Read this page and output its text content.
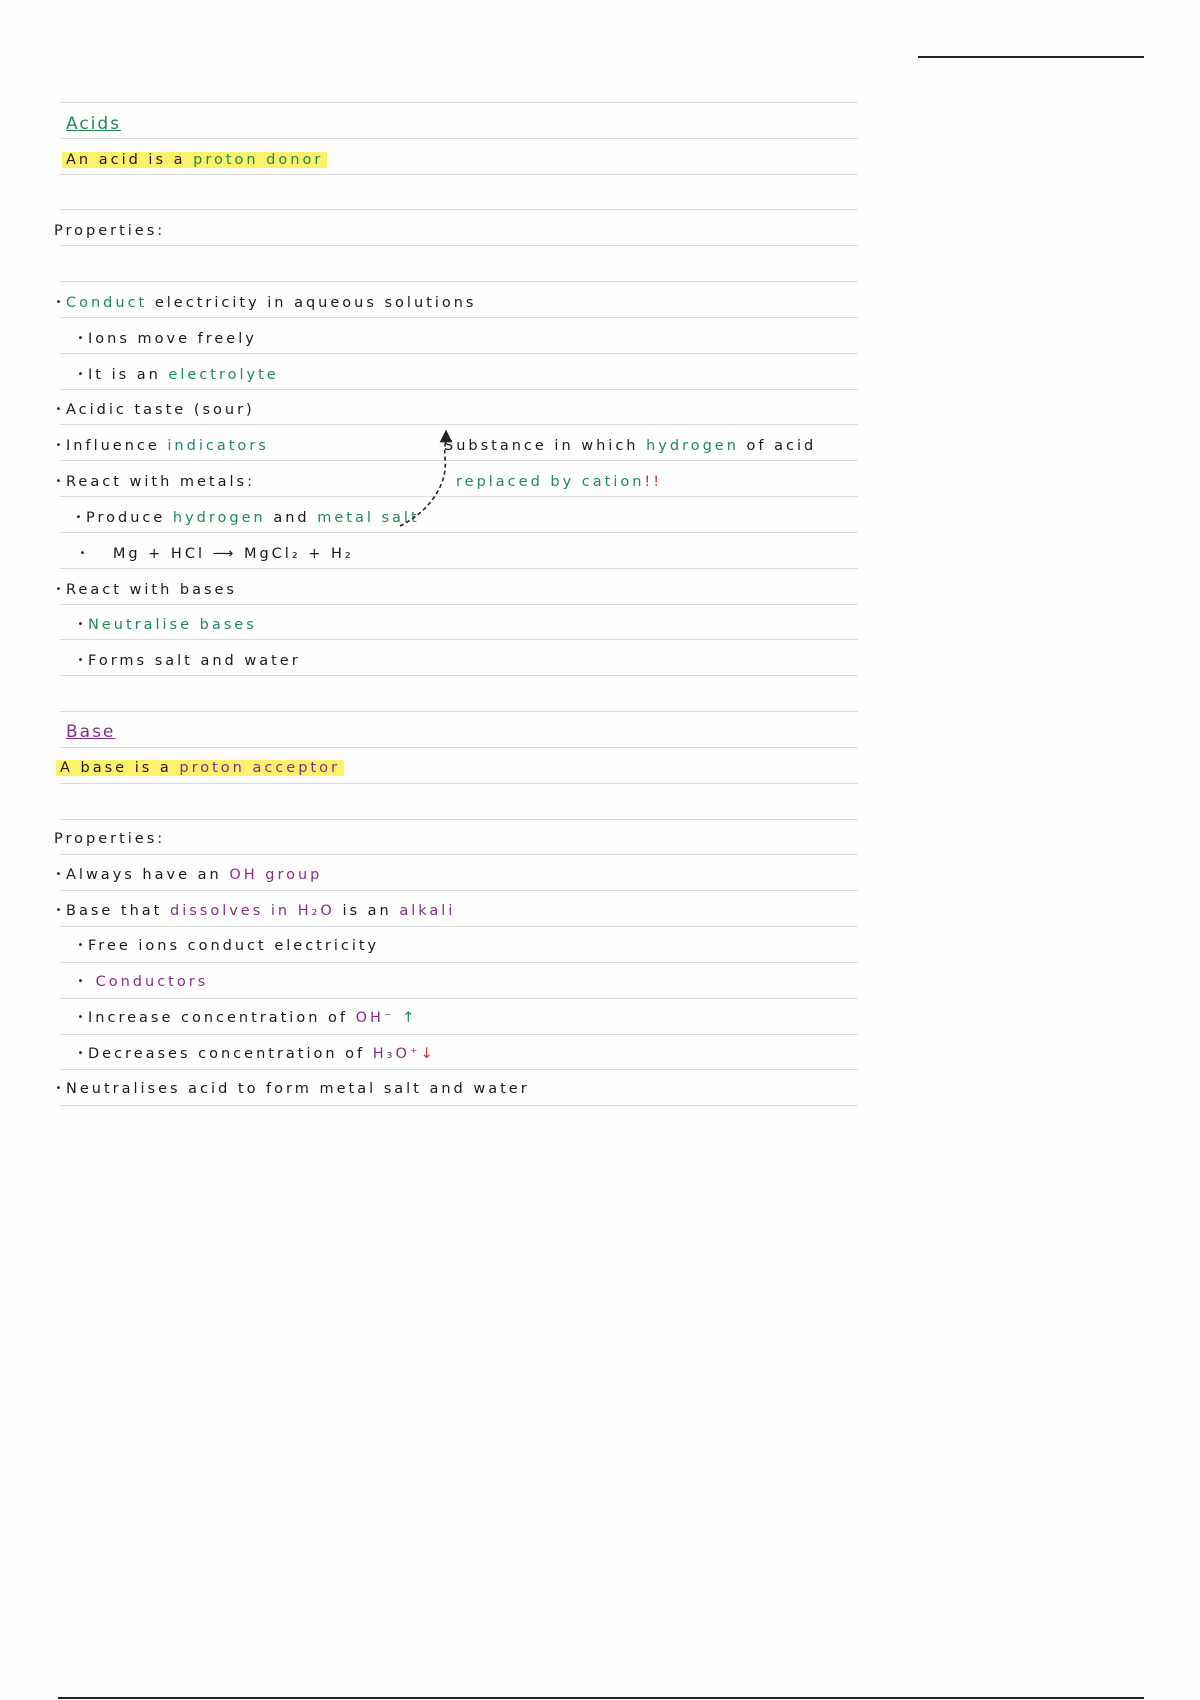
Acids
An acid is a proton donor
Properties:
• Conduct electricity in aqueous solutions
• Ions move freely
• It is an electrolyte
• Acidic taste (sour)
• Influence indicators
• React with metals:
• Produce hydrogen and metal salt
• Mg + HCl ⟶ MgCl₂ + H₂
• React with bases
• Neutralise bases
• Forms salt and water
Substance in which hydrogen of acid
replaced by cation!!
Base
A base is a proton acceptor
Properties:
• Always have an OH group
• Base that dissolves in H₂O is an alkali
• Free ions conduct electricity
• Conductors
• Increase concentration of OH⁻ ↑
• Decreases concentration of H₃O⁺↓
• Neutralises acid to form metal salt and water
